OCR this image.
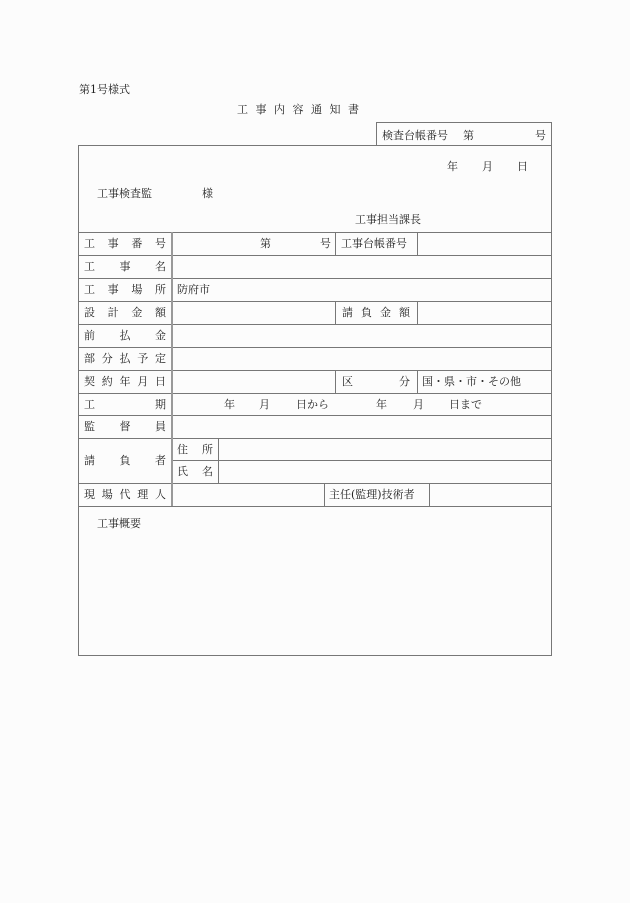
第1号様式
工 事 内 容 通 知 書
検査台帳番号 第	号
年 月 日
工事検査監	様
工事担当課長
工 事 番 号	第	号 工事台帳番号
工 事 名
工 事 場 所 防府市
設 計 金 額	請 負 金 額
前 払 金
部 分 払 予 定
契 約 年 月 日	区	分 国・県・市・その他
工	期	年 月 日から	年 月 日まで
監 督 員
請 負 者
住 所
氏 名
現 場 代 理 人	主任(監理)技術者
工事概要
